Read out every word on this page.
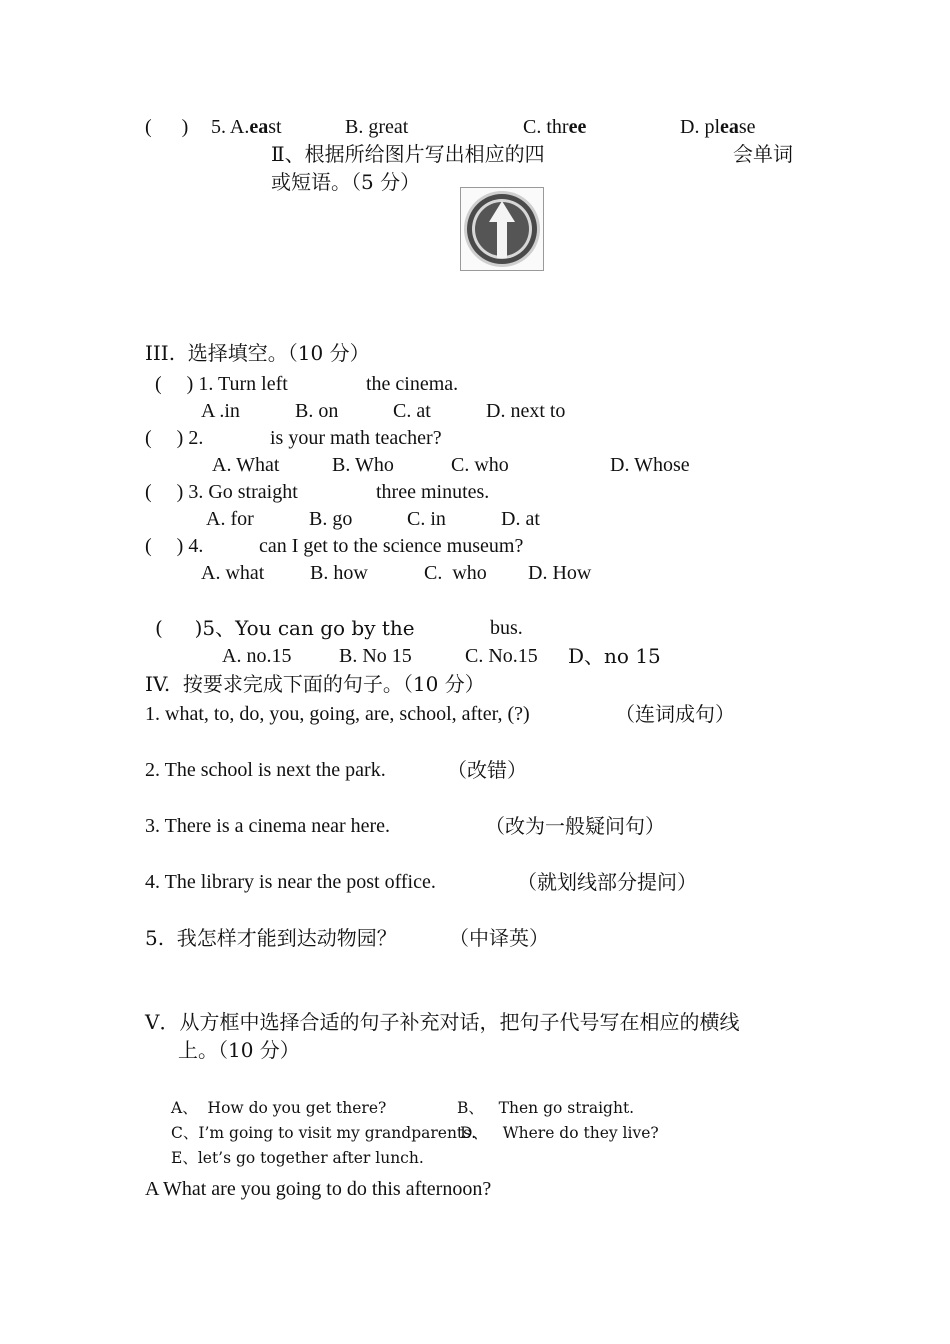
(      ) 5. A.east	B. great	C. three	D. please
Ⅱ、根据所给图片写出相应的四	会单词
或短语。（5 分）
III.  选择填空。（10 分）
(     ) 1. Turn left	the cinema.
A .in	B. on	C. at	D. next to
(     ) 2.	is your math teacher?
A. What	B. Who	C. who	D. Whose
(     ) 3. Go straight	three minutes.
A. for	B. go	C. in	D. at
(     ) 4.	can I get to the science museum?
A. what B. how	C.  who D. How
(     )5、You can go by the	bus.
A. no.15 B. No 15	C. No.15 D、no 15
IV.  按要求完成下面的句子。（10 分）
1. what, to, do, you, going, are, school, after, (?)	（连词成句）
2. The school is next the park.	（改错）
3. There is a cinema near here.	（改为一般疑问句）
4. The library is near the post office.	（就划线部分提问）
5.  我怎样才能到达动物园？	（中译英）
V．从方框中选择合适的句子补充对话，把句子代号写在相应的横线
上。（10 分）
A、  How do you get there?	B、   Then go straight.
C、I’m going to visit my grandparents.
D、   Where do they live?
E、let’s go together after lunch.
A What are you going to do this afternoon?
